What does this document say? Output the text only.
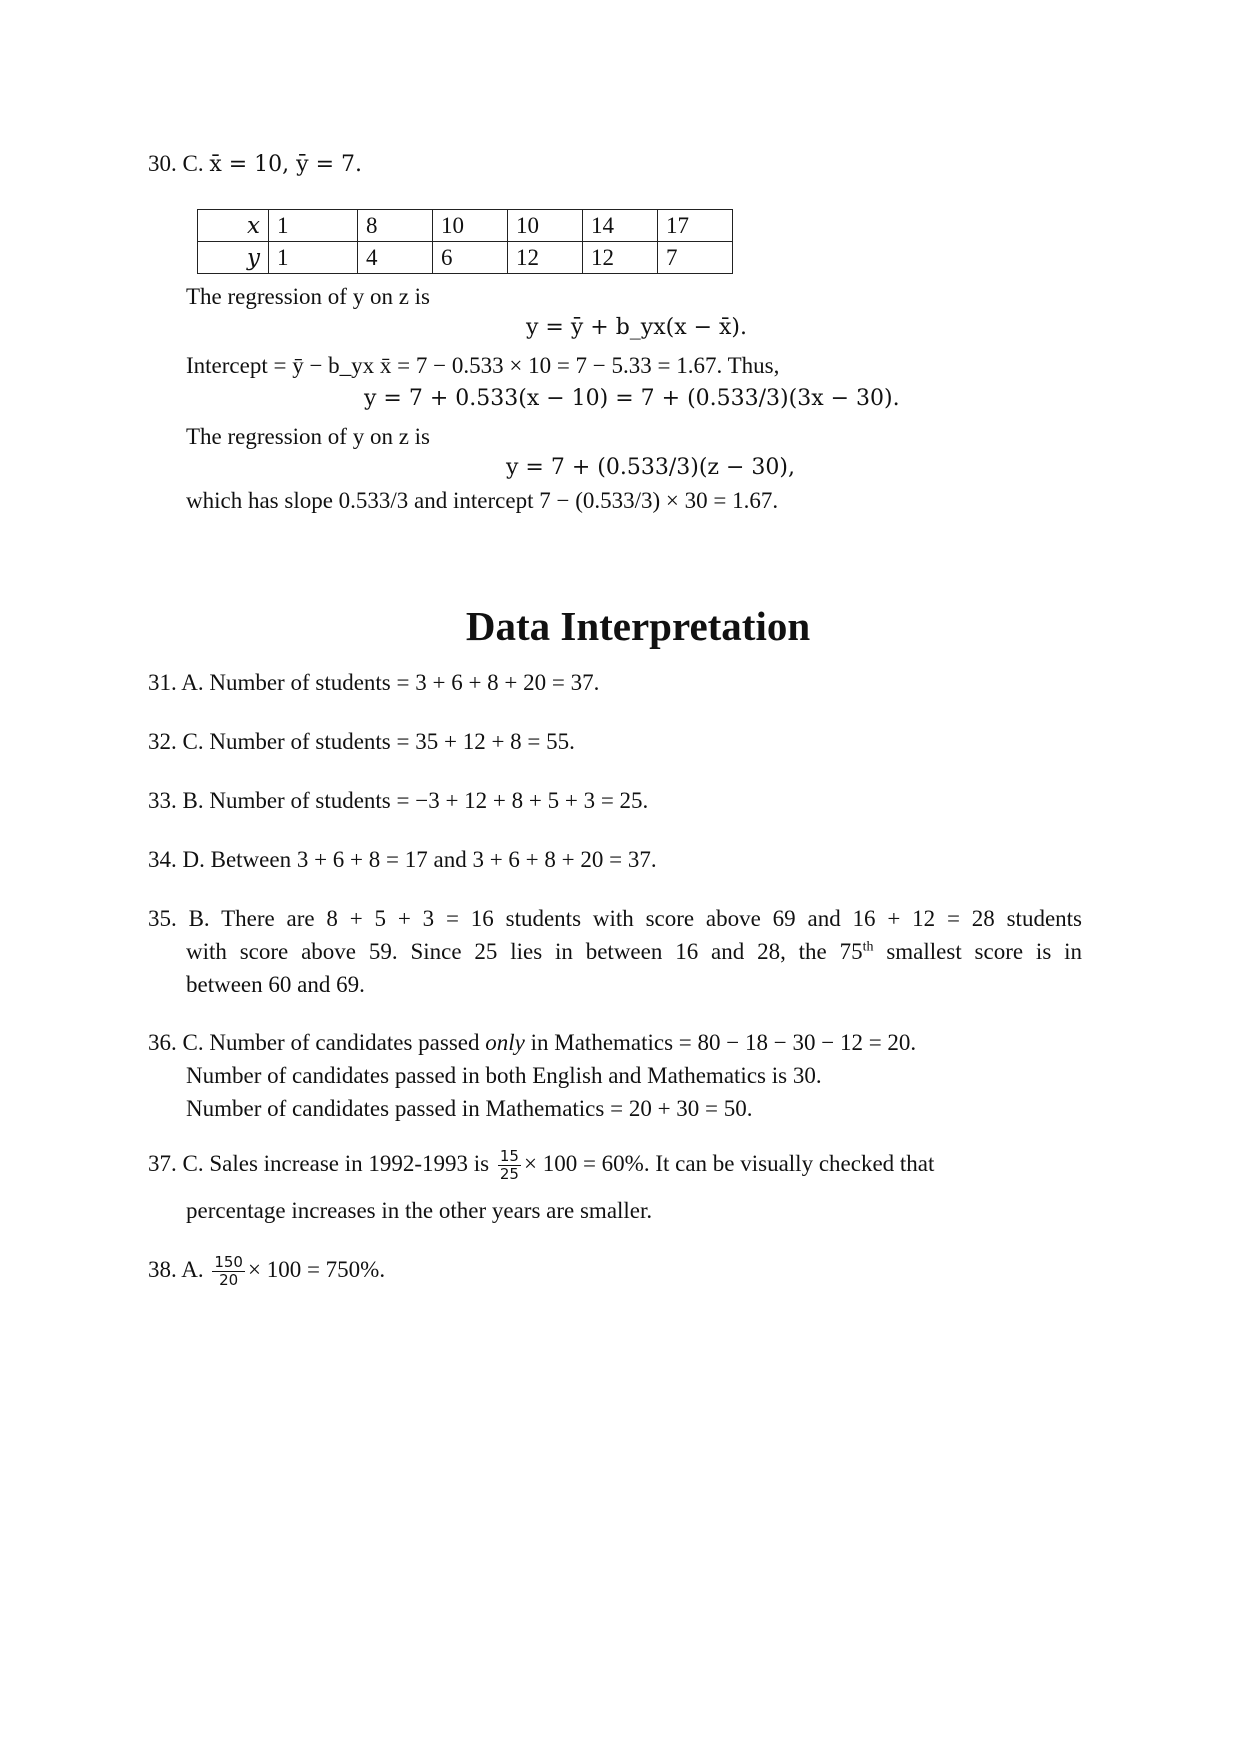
30. C. x̄ = 10, ȳ = 7.
x	1	8	10	10	14	17
y	1	4	6	12	12	7
The regression of y on z is
y = ȳ + b_yx(x − x̄).
Intercept = ȳ − b_yx x̄ = 7 − 0.533 × 10 = 7 − 5.33 = 1.67. Thus,
y = 7 + 0.533(x − 10) = 7 + (0.533/3)(3x − 30).
The regression of y on z is
y = 7 + (0.533/3)(z − 30),
which has slope 0.533/3 and intercept 7 − (0.533/3) × 30 = 1.67.
Data Interpretation
31. A. Number of students = 3 + 6 + 8 + 20 = 37.
32. C. Number of students = 35 + 12 + 8 = 55.
33. B. Number of students = −3 + 12 + 8 + 5 + 3 = 25.
34. D. Between 3 + 6 + 8 = 17 and 3 + 6 + 8 + 20 = 37.
35. B. There are 8 + 5 + 3 = 16 students with score above 69 and 16 + 12 = 28 students
with score above 59. Since 25 lies in between 16 and 28, the 75th smallest score is in
between 60 and 69.
36. C. Number of candidates passed only in Mathematics = 80 − 18 − 30 − 12 = 20.
Number of candidates passed in both English and Mathematics is 30.
Number of candidates passed in Mathematics = 20 + 30 = 50.
37. C. Sales increase in 1992-1993 is $\frac{15}{25} \times 100 = 60\%$. It can be visually checked that
percentage increases in the other years are smaller.
38. A. $\frac{150}{20} \times 100 = 750\%$.
